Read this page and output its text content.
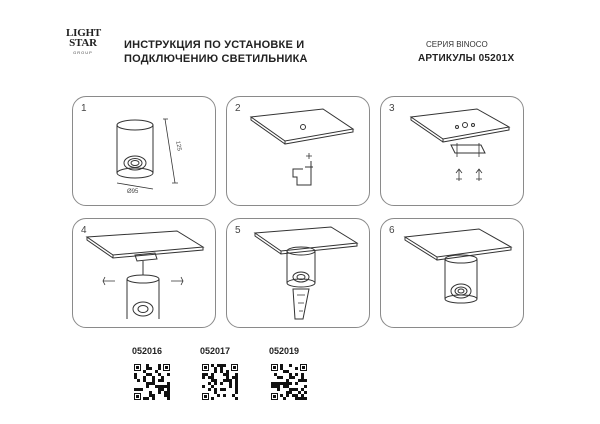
LIGHT
STAR
GROUP
ИНСТРУКЦИЯ ПО УСТАНОВКЕ И
ПОДКЛЮЧЕНИЮ СВЕТИЛЬНИКА
СЕРИЯ BINOCO
АРТИКУЛЫ 05201X
1
125
Ø95
2	3
4	5	6
052016	052017	052019
